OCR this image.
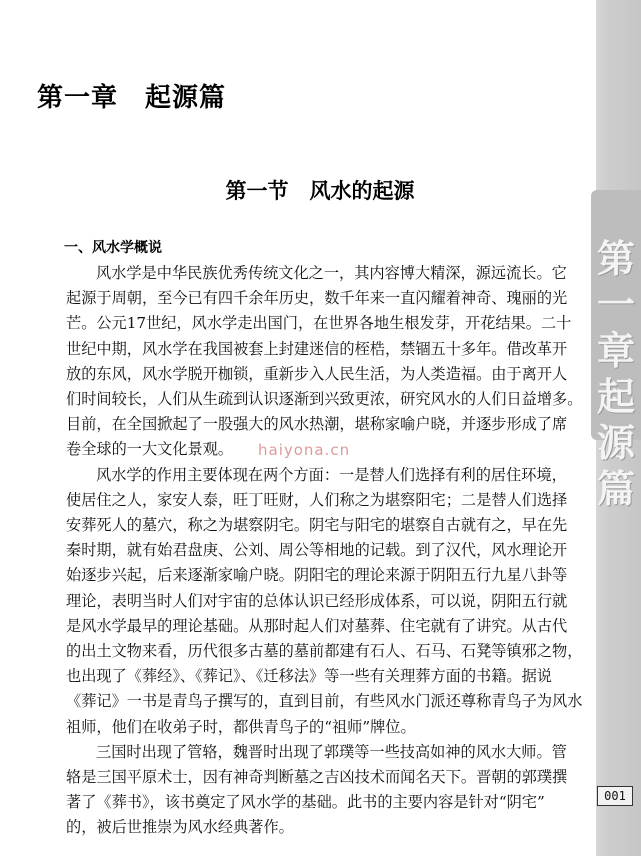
第
一
章
起
源
篇
第一章　起源篇
第一节　风水的起源
一、风水学概说
风水学是中华民族优秀传统文化之一，其内容博大精深，源远流长。它
起源于周朝，至今已有四千余年历史，数千年来一直闪耀着神奇、瑰丽的光
芒。公元17世纪，风水学走出国门，在世界各地生根发芽，开花结果。二十
世纪中期，风水学在我国被套上封建迷信的桎梏，禁锢五十多年。借改革开
放的东风，风水学脱开枷锁，重新步入人民生活，为人类造福。由于离开人
们时间较长，人们从生疏到认识逐渐到兴致更浓，研究风水的人们日益增多。
目前，在全国掀起了一股强大的风水热潮，堪称家喻户晓，并逐步形成了席
卷全球的一大文化景观。
风水学的作用主要体现在两个方面：一是替人们选择有利的居住环境，
使居住之人，家安人泰，旺丁旺财，人们称之为堪察阳宅；二是替人们选择
安葬死人的墓穴，称之为堪察阴宅。阴宅与阳宅的堪察自古就有之，早在先
秦时期，就有始君盘庚、公刘、周公等相地的记载。到了汉代，风水理论开
始逐步兴起，后来逐渐家喻户晓。阴阳宅的理论来源于阴阳五行九星八卦等
理论，表明当时人们对宇宙的总体认识已经形成体系，可以说，阴阳五行就
是风水学最早的理论基础。从那时起人们对墓葬、住宅就有了讲究。从古代
的出土文物来看，历代很多古墓的墓前都建有石人、石马、石凳等镇邪之物，
也出现了《葬经》、《葬记》、《迁移法》等一些有关理葬方面的书籍。据说
《葬记》一书是青鸟子撰写的，直到目前，有些风水门派还尊称青鸟子为风水
祖师，他们在收弟子时，都供青鸟子的“祖师”牌位。
三国时出现了管辂，魏晋时出现了郭璞等一些技高如神的风水大师。管
辂是三国平原术士，因有神奇判断墓之吉凶技术而闻名天下。晋朝的郭璞撰
著了《葬书》，该书奠定了风水学的基础。此书的主要内容是针对“阴宅”
的，被后世推崇为风水经典著作。
haiyona.cn
001
